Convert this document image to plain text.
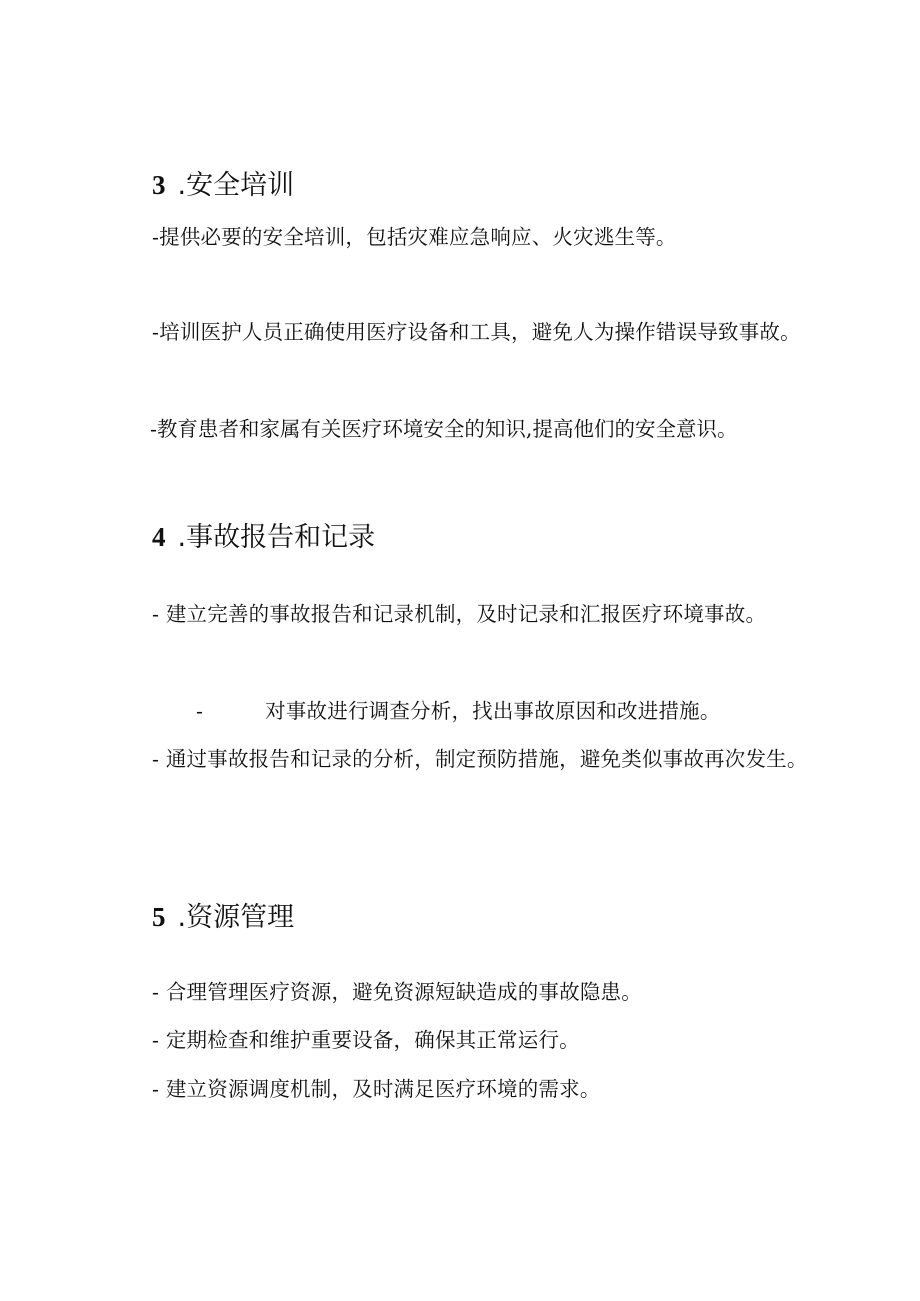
3 .安全培训
-提供必要的安全培训，包括灾难应急响应、火灾逃生等。
-培训医护人员正确使用医疗设备和工具，避免人为操作错误导致事故。
-教育患者和家属有关医疗环境安全的知识,提高他们的安全意识。
4 .事故报告和记录
- 建立完善的事故报告和记录机制，及时记录和汇报医疗环境事故。
-	对事故进行调查分析，找出事故原因和改进措施。
- 通过事故报告和记录的分析，制定预防措施，避免类似事故再次发生。
5 .资源管理
- 合理管理医疗资源，避免资源短缺造成的事故隐患。
- 定期检查和维护重要设备，确保其正常运行。
- 建立资源调度机制，及时满足医疗环境的需求。
